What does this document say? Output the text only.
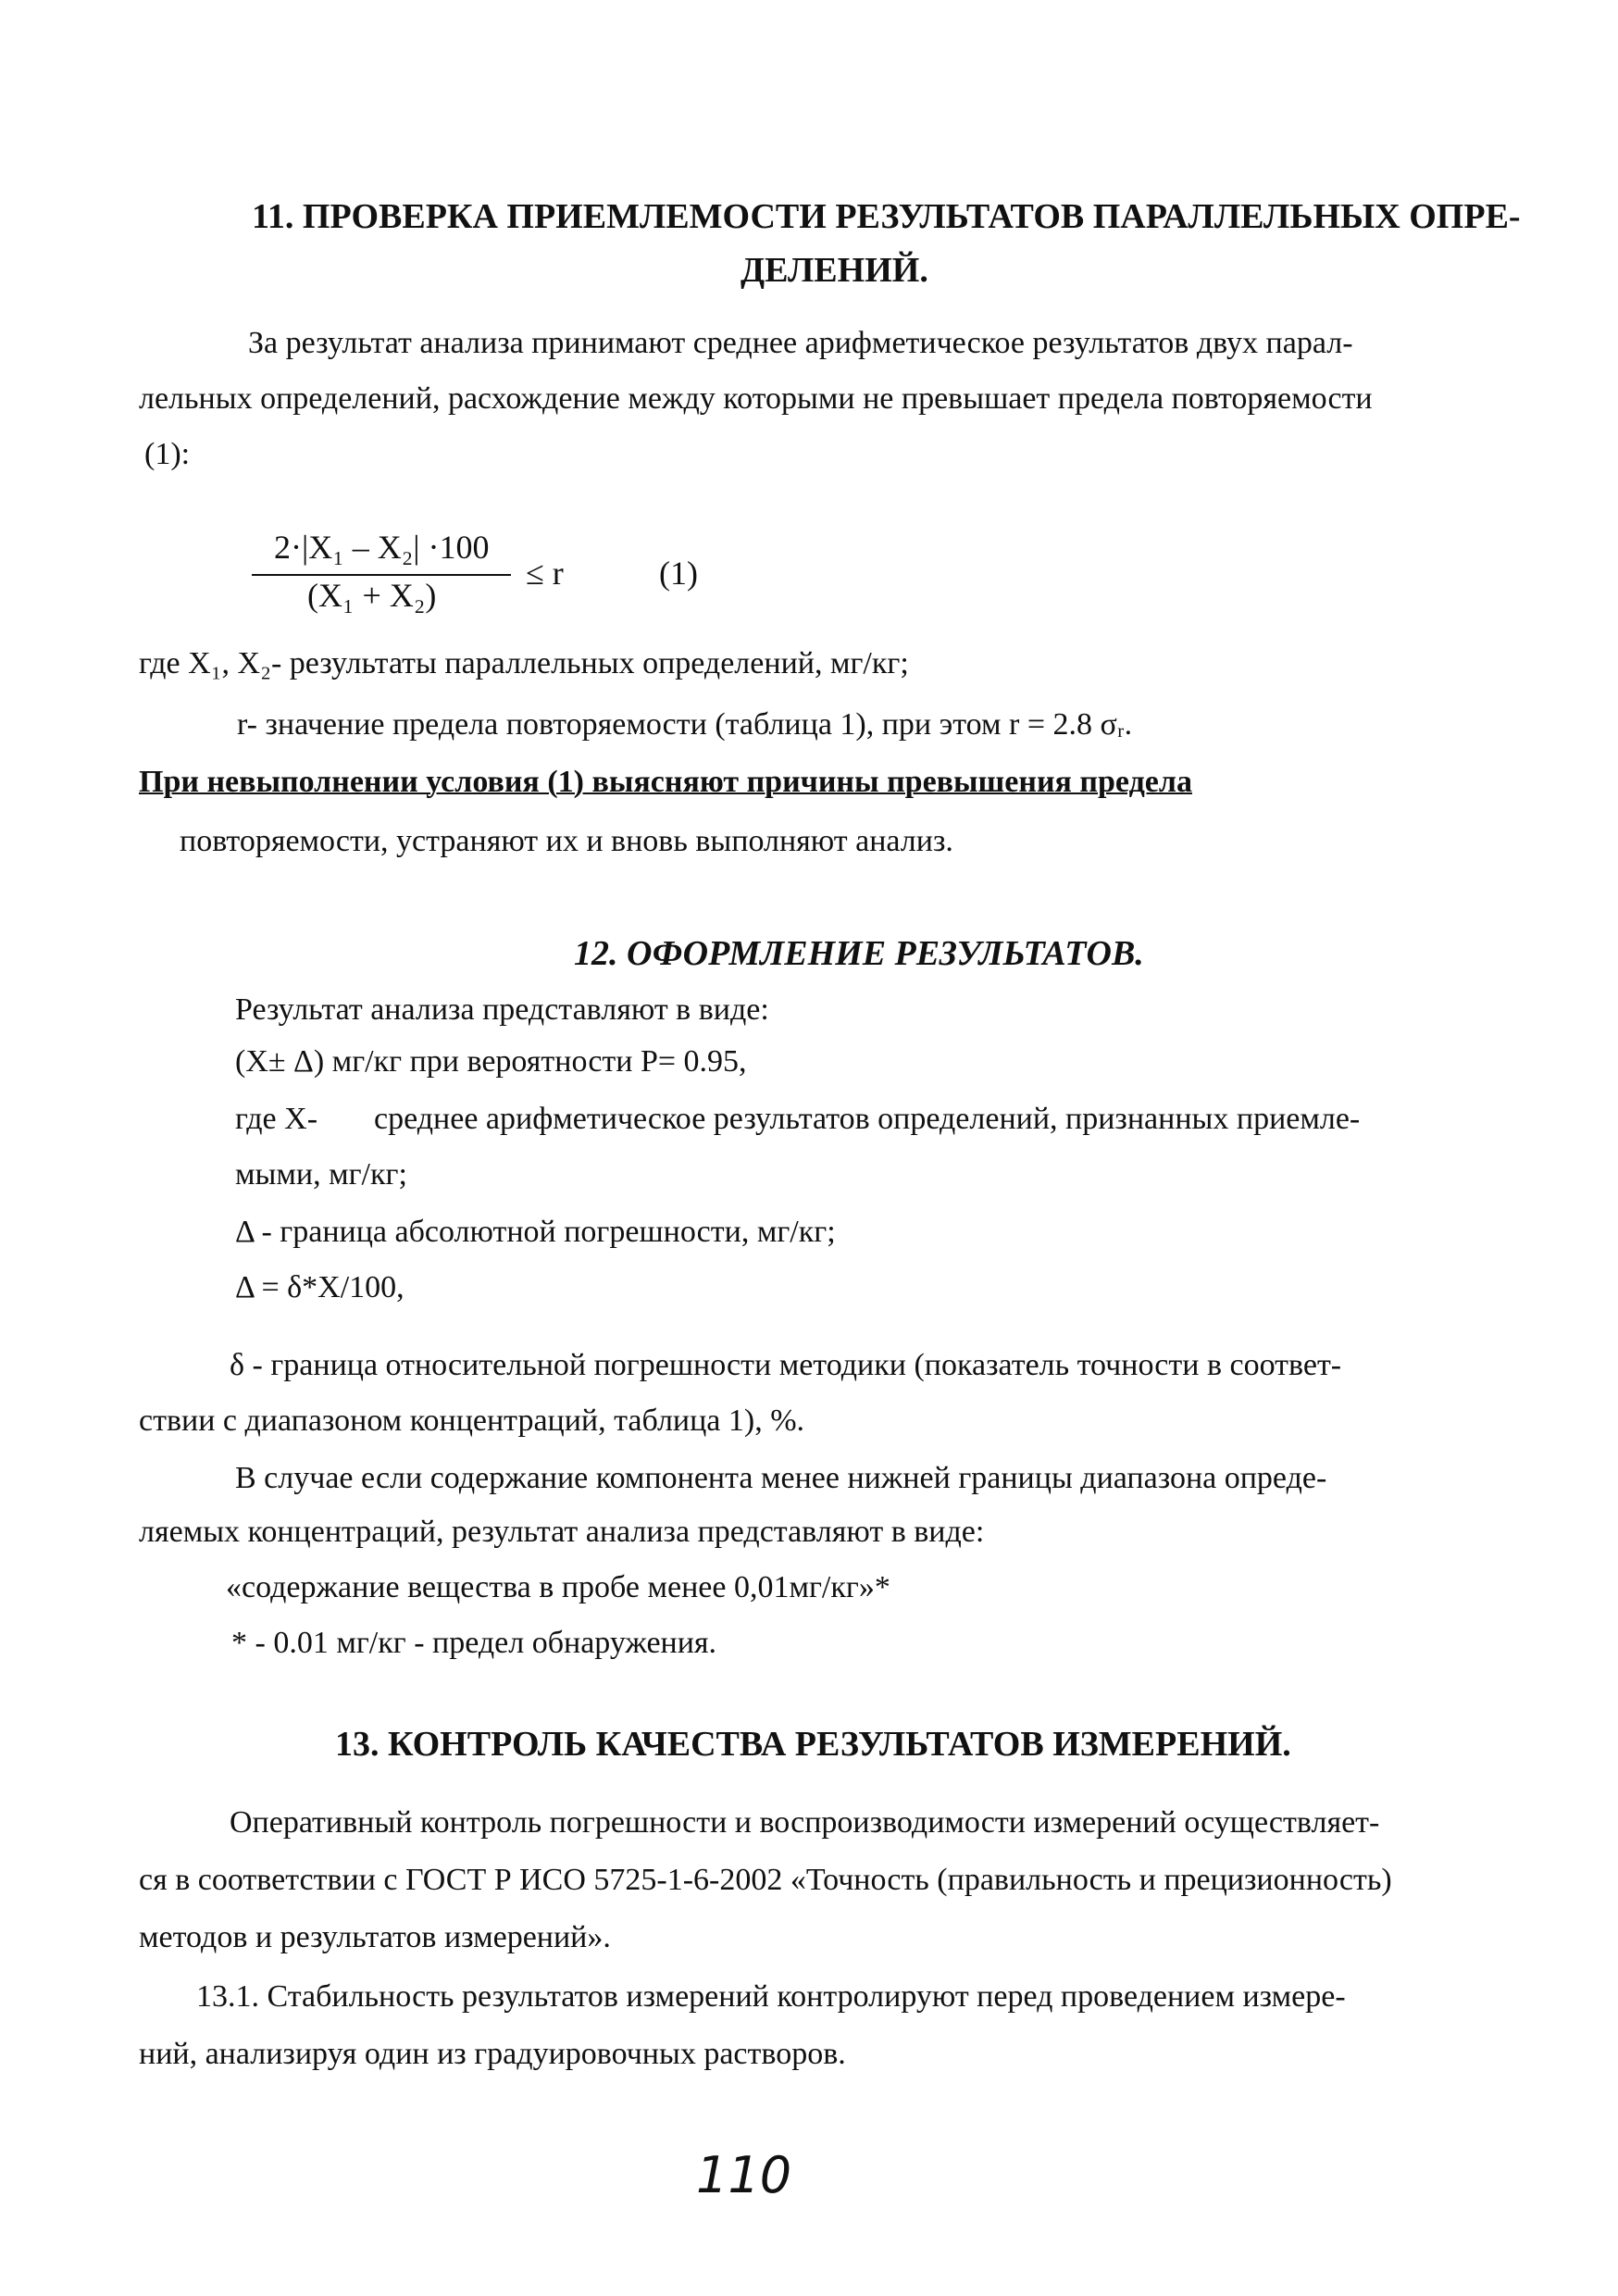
11. ПРОВЕРКА ПРИЕМЛЕМОСТИ РЕЗУЛЬТАТОВ ПАРАЛЛЕЛЬНЫХ ОПРЕ-
ДЕЛЕНИЙ.
За результат анализа принимают среднее арифметическое результатов двух парал-
лельных определений, расхождение между которыми не превышает предела повторяемости
(1):
2·|X₁ – X₂| ·100
(X₁ + X₂)
≤ r	(1)
где X₁, X₂- результаты параллельных определений, мг/кг;
r- значение предела повторяемости (таблица 1), при этом r = 2.8 σᵣ.
При невыполнении условия (1) выясняют причины превышения предела
повторяемости, устраняют их и вновь выполняют анализ.
12. ОФОРМЛЕНИЕ РЕЗУЛЬТАТОВ.
Результат анализа представляют в виде:
(X± Δ) мг/кг при вероятности Р= 0.95,
где X- среднее арифметическое результатов определений, признанных приемле-
мыми, мг/кг;
Δ - граница абсолютной погрешности, мг/кг;
Δ = δ*X/100,
δ - граница относительной погрешности методики (показатель точности в соответ-
ствии с диапазоном концентраций, таблица 1), %.
В случае если содержание компонента менее нижней границы диапазона опреде-
ляемых концентраций, результат анализа представляют в виде:
«содержание вещества в пробе менее 0,01мг/кг»*
* - 0.01 мг/кг - предел обнаружения.
13. КОНТРОЛЬ КАЧЕСТВА РЕЗУЛЬТАТОВ ИЗМЕРЕНИЙ.
Оперативный контроль погрешности и воспроизводимости измерений осуществляет-
ся в соответствии с ГОСТ Р ИСО 5725-1-6-2002 «Точность (правильность и прецизионность)
методов и результатов измерений».
13.1. Стабильность результатов измерений контролируют перед проведением измере-
ний, анализируя один из градуировочных растворов.
110
